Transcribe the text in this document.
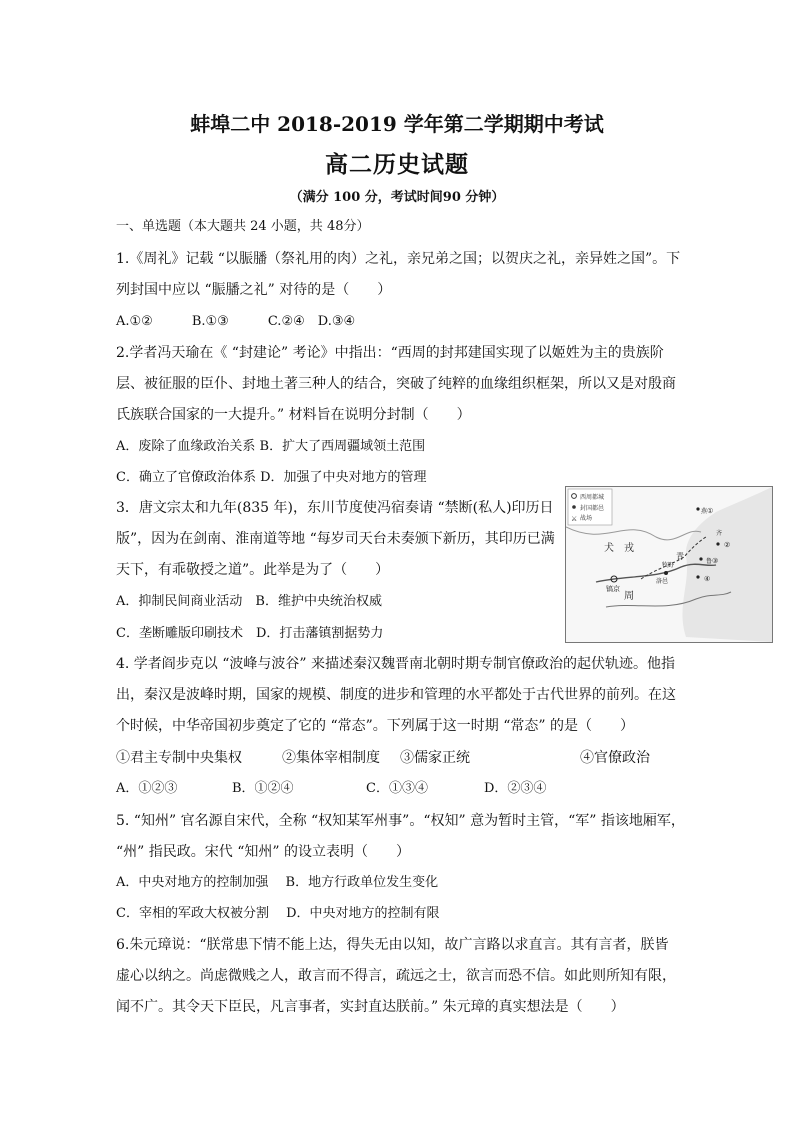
蚌埠二中 2018-2019 学年第二学期期中考试
高二历史试题
（满分 100 分，考试时间90 分钟）
一、单选题（本大题共 24 小题，共 48分）
1.《周礼》记载 “以脤膰（祭礼用的肉）之礼，亲兄弟之国；以贺庆之礼，亲异姓之国”。下
列封国中应以 “脤膰之礼” 对待的是（　　）
A.①②　　　B.①③　　　C.②④　D.③④
2.学者冯天瑜在《 “封建论” 考论》中指出：“西周的封邦建国实现了以姬姓为主的贵族阶
层、被征服的臣仆、封地土著三种人的结合，突破了纯粹的血缘组织框架，所以又是对殷商
氏族联合国家的一大提升。” 材料旨在说明分封制（　　）
A．废除了血缘政治关系 B．扩大了西周疆域领土范围
C．确立了官僚政治体系 D．加强了中央对地方的管理
3．唐文宗太和九年(835 年)，东川节度使冯宿奏请 “禁断(私人)印历日
版”，因为在剑南、淮南道等地 “每岁司天台未奏颁下新历，其印历已满
天下，有乖敬授之道”。此举是为了（　　）
A．抑制民间商业活动　B．维护中央统治权威
C．垄断雕版印刷技术　D．打击藩镇割据势力
西周都城
封国都邑
⚔ 战场
犬　戎
青
镐京
周
牧野
洛邑
燕 ①
齐
②
鲁 ③
④
4. 学者阎步克以 “波峰与波谷” 来描述秦汉魏晋南北朝时期专制官僚政治的起伏轨迹。他指
出，秦汉是波峰时期，国家的规模、制度的进步和管理的水平都处于古代世界的前列。在这
个时候，中华帝国初步奠定了它的 “常态”。下列属于这一时期 “常态” 的是（　　）
①君主专制中央集权	②集体宰相制度 ③儒家正统	④官僚政治
A．①②③	B．①②④	C．①③④	D．②③④
5. “知州” 官名源自宋代，全称 “权知某军州事”。“权知” 意为暂时主管，“军” 指该地厢军，
“州” 指民政。宋代 “知州” 的设立表明（　　）
A．中央对地方的控制加强　 B．地方行政单位发生变化
C．宰相的军政大权被分割　 D．中央对地方的控制有限
6.朱元璋说：“朕常患下情不能上达，得失无由以知，故广言路以求直言。其有言者，朕皆
虚心以纳之。尚虑微贱之人，敢言而不得言，疏远之士，欲言而恐不信。如此则所知有限，
闻不广。其令天下臣民，凡言事者，实封直达朕前。” 朱元璋的真实想法是（　　）
